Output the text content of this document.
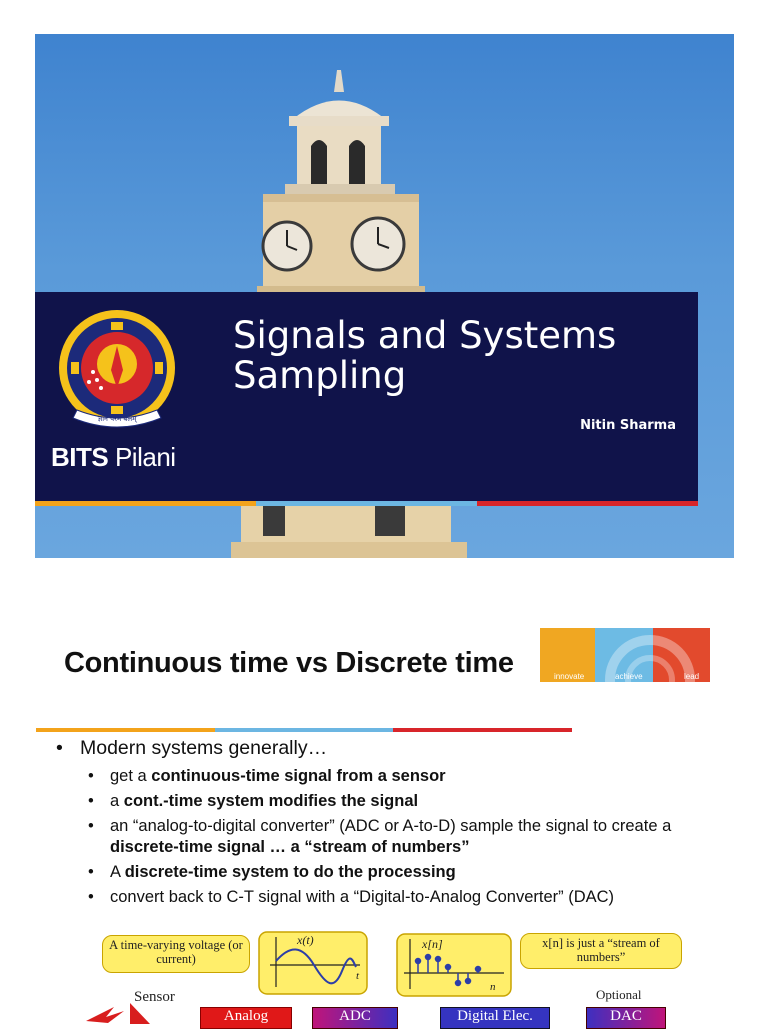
ज्ञानं परमं बलम्
BITS Pilani
Signals and Systems
Sampling
Nitin Sharma
Continuous time vs Discrete time	innovate	achieve	lead
• Modern systems generally…
• get a continuous-time signal from a sensor
• a cont.-time system modifies the signal
• an “analog-to-digital converter” (ADC or A-to-D) sample the signal to create a discrete-time signal … a “stream of numbers”
• A discrete-time system to do the processing
• convert back to C-T signal with a “Digital-to-Analog Converter” (DAC)
A time-varying voltage (or current)
x(t)
t
x[n]
n
x[n] is just a “stream of numbers”
Sensor	Optional
Analog	ADC	Digital Elec.	DAC
